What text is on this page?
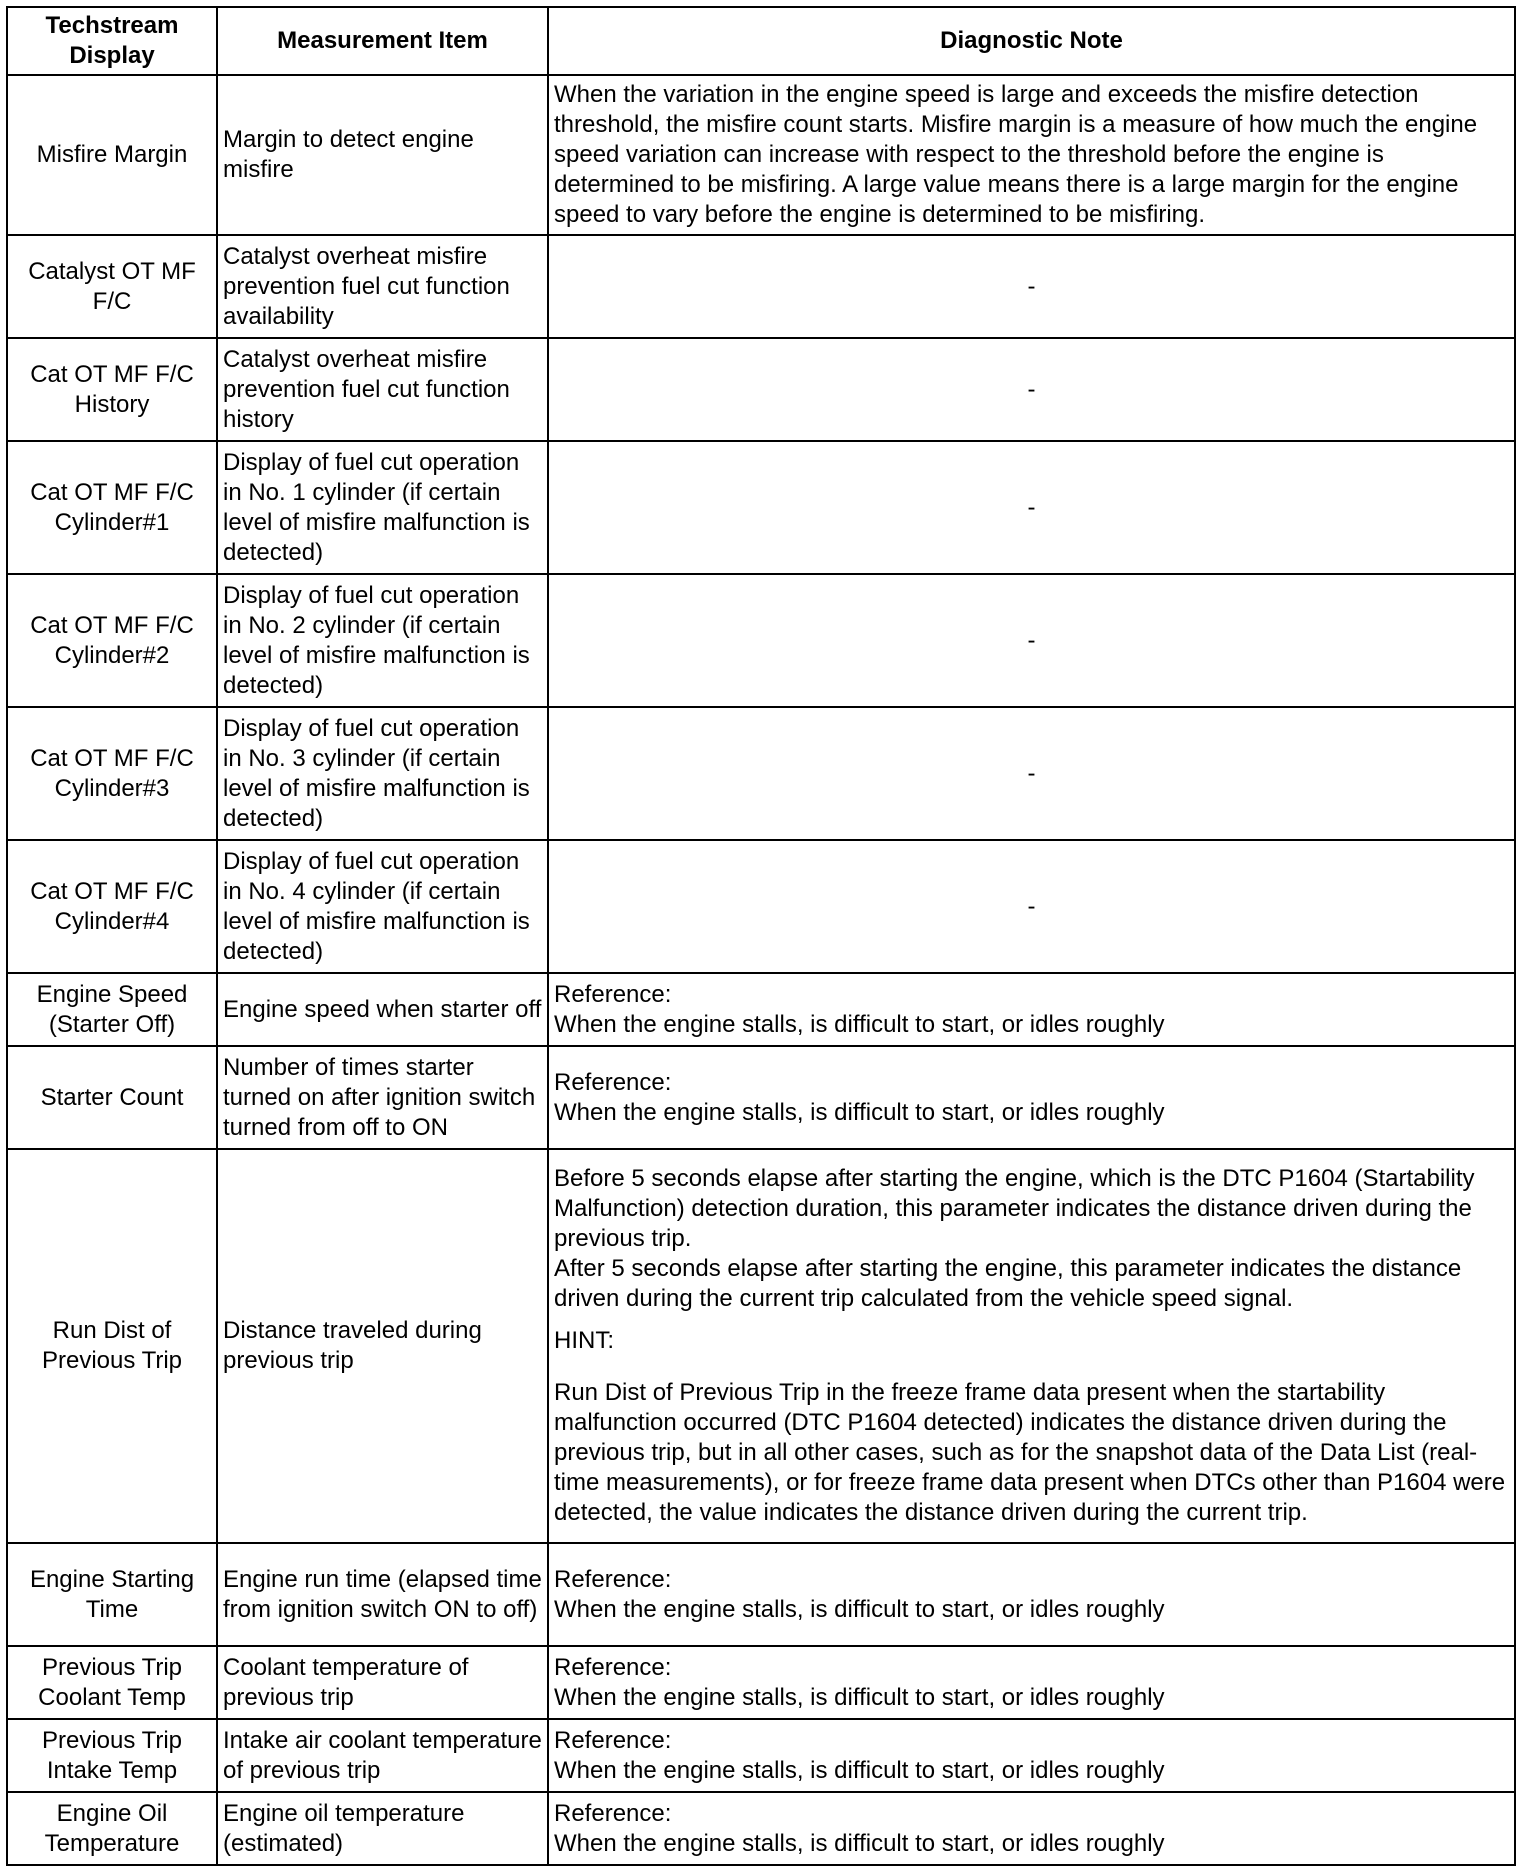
Techstream Display	Measurement Item	Diagnostic Note
Misfire Margin	Margin to detect engine misfire	When the variation in the engine speed is large and exceeds the misfire detection threshold, the misfire count starts. Misfire margin is a measure of how much the engine speed variation can increase with respect to the threshold before the engine is determined to be misfiring. A large value means there is a large margin for the engine speed to vary before the engine is determined to be misfiring.
Catalyst OT MF F/C	Catalyst overheat misfire prevention fuel cut function availability	-
Cat OT MF F/C History	Catalyst overheat misfire prevention fuel cut function history	-
Cat OT MF F/C Cylinder#1	Display of fuel cut operation in No. 1 cylinder (if certain level of misfire malfunction is detected)	-
Cat OT MF F/C Cylinder#2	Display of fuel cut operation in No. 2 cylinder (if certain level of misfire malfunction is detected)	-
Cat OT MF F/C Cylinder#3	Display of fuel cut operation in No. 3 cylinder (if certain level of misfire malfunction is detected)	-
Cat OT MF F/C Cylinder#4	Display of fuel cut operation in No. 4 cylinder (if certain level of misfire malfunction is detected)	-
Engine Speed (Starter Off)	Engine speed when starter off	Reference:
When the engine stalls, is difficult to start, or idles roughly

Starter Count	Number of times starter turned on after ignition switch turned from off to ON	Reference:
When the engine stalls, is difficult to start, or idles roughly

Run Dist of Previous Trip	Distance traveled during previous trip	Before 5 seconds elapse after starting the engine, which is the DTC P1604 (Startability Malfunction) detection duration, this parameter indicates the distance driven during the previous trip.
After 5 seconds elapse after starting the engine, this parameter indicates the distance driven during the current trip calculated from the vehicle speed signal.
HINT:
Run Dist of Previous Trip in the freeze frame data present when the startability malfunction occurred (DTC P1604 detected) indicates the distance driven during the previous trip, but in all other cases, such as for the snapshot data of the Data List (real-time measurements), or for freeze frame data present when DTCs other than P1604 were detected, the value indicates the distance driven during the current trip.

Engine Starting Time	Engine run time (elapsed time from ignition switch ON to off)	Reference:
When the engine stalls, is difficult to start, or idles roughly

Previous Trip Coolant Temp	Coolant temperature of previous trip	Reference:
When the engine stalls, is difficult to start, or idles roughly

Previous Trip Intake Temp	Intake air coolant temperature of previous trip	Reference:
When the engine stalls, is difficult to start, or idles roughly

Engine Oil Temperature	Engine oil temperature (estimated)	Reference:
When the engine stalls, is difficult to start, or idles roughly
